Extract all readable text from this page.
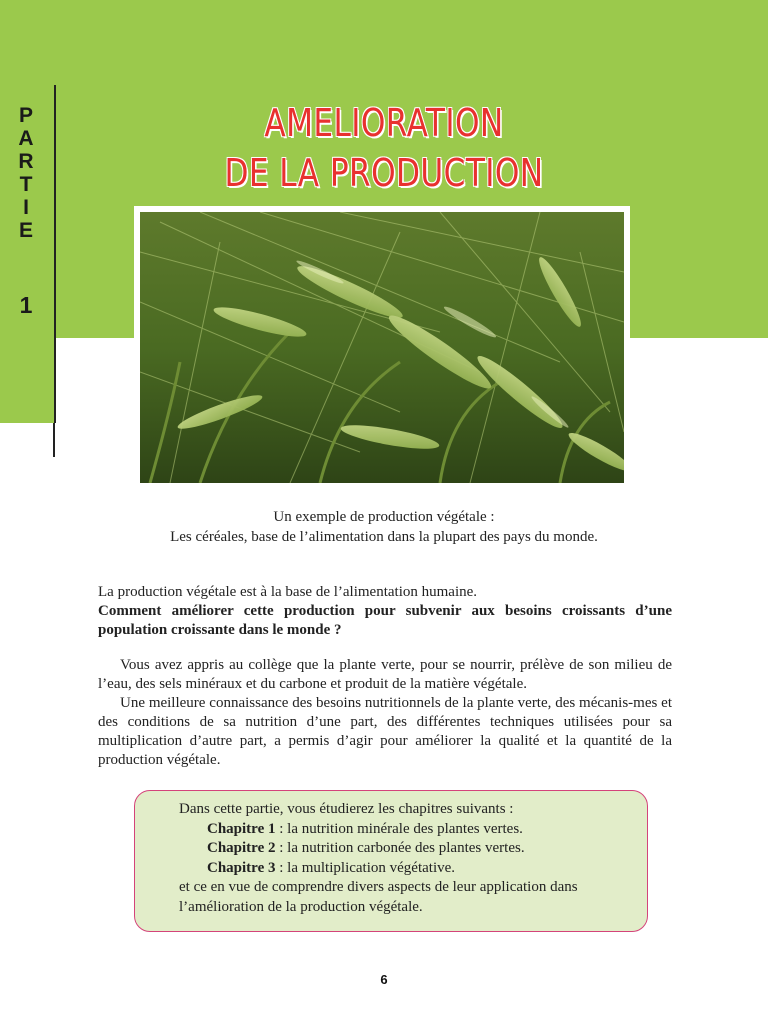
P
A
R
T
I
E
1
AMELIORATION
DE LA PRODUCTION
Un exemple de production végétale :
Les céréales, base de l’alimentation dans la plupart des pays du monde.

La production végétale est à la base de l’alimentation humaine.

Comment améliorer cette production pour subvenir aux besoins croissants d’une population croissante dans le monde ?

Vous avez appris au collège que la plante verte, pour se nourrir, prélève de son milieu de l’eau, des sels minéraux et du carbone et produit de la matière végétale.

Une meilleure connaissance des besoins nutritionnels de la plante verte, des mécanis-mes et des conditions de sa nutrition d’une part, des différentes techniques utilisées pour sa multiplication d’autre part, a permis d’agir pour améliorer la qualité et la quantité de la production végétale.

Dans cette partie, vous étudierez les chapitres suivants :
Chapitre 1 : la nutrition minérale des plantes vertes.
Chapitre 2 : la nutrition carbonée des plantes vertes.
Chapitre 3 : la multiplication végétative.
et ce en vue de comprendre divers aspects de leur application dans l’amélioration de la production végétale.
6
